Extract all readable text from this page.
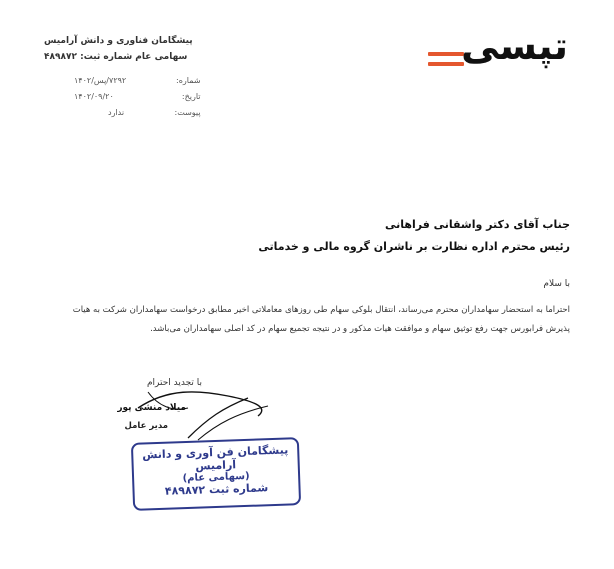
پیشگامان فناوری و دانش آرامیس
سهامی عام شماره ثبت: ۴۸۹۸۷۲
۷۲۹۲/پس/۱۴۰۲	شماره:
۱۴۰۲/۰۹/۲۰	تاریخ:
ندارد	پیوست:
تپسی
جناب آقای دکتر واشقانی فراهانی
رئیس محترم اداره نظارت بر ناشران گروه مالی و خدماتی
با سلام
احتراما به استحضار سهامداران محترم می‌رساند، انتقال بلوکی سهام طی روزهای معاملاتی اخیر مطابق درخواست سهامداران شرکت به هیات
پذیرش فرابورس جهت رفع توثیق سهام و موافقت هیات مذکور و در نتیجه تجمیع سهام در کد اصلی سهامداران می‌باشد.
با تجدید احترام
میلاد منشی پور
مدیر عامل
پیشگامان فن آوری و دانش آرامیس
(سهامی عام)
شماره ثبت ۴۸۹۸۷۲
